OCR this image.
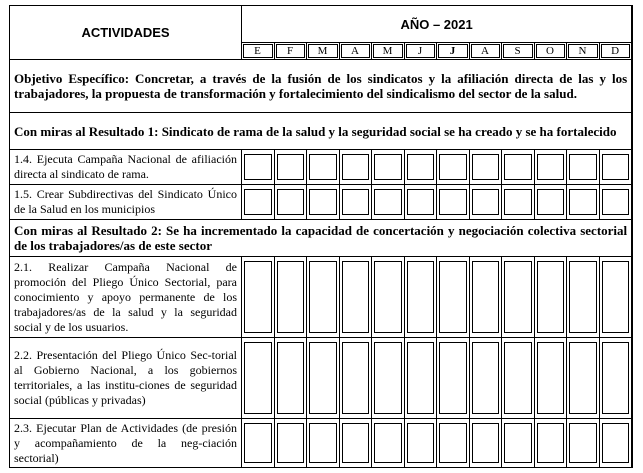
ACTIVIDADES	AÑO – 2021											

	E	F	M	A	M	J	J	A	S	O	N	D

Objetivo Específico: Concretar, a través de la fusión de los sindicatos y la afiliación directa de las y los trabajadores, la propuesta de transformación y fortalecimiento del sindicalismo del sector de la salud.												
Con miras al Resultado 1: Sindicato de rama de la salud y la seguridad social se ha creado y se ha fortalecido												
1.4. Ejecuta Campaña Nacional de afiliación directa al sindicato de rama.	

1.5. Crear Subdirectivas del Sindicato Único de la Salud en los municipios	

Con miras al Resultado 2: Se ha incrementado la capacidad de concertación y negociación colectiva sectorial de los trabajadores/as de este sector												
2.1. Realizar Campaña Nacional de promoción del Pliego Único Sectorial, para conocimiento y apoyo permanente de los trabajadores/as de la salud y la seguridad social y de los usuarios.	

2.2. Presentación del Pliego Único Sec-torial al Gobierno Nacional, a los gobiernos territoriales, a las institu-ciones de seguridad social (públicas y privadas)	

2.3. Ejecutar Plan de Actividades (de presión y acompañamiento de la neg-ciación sectorial)	
